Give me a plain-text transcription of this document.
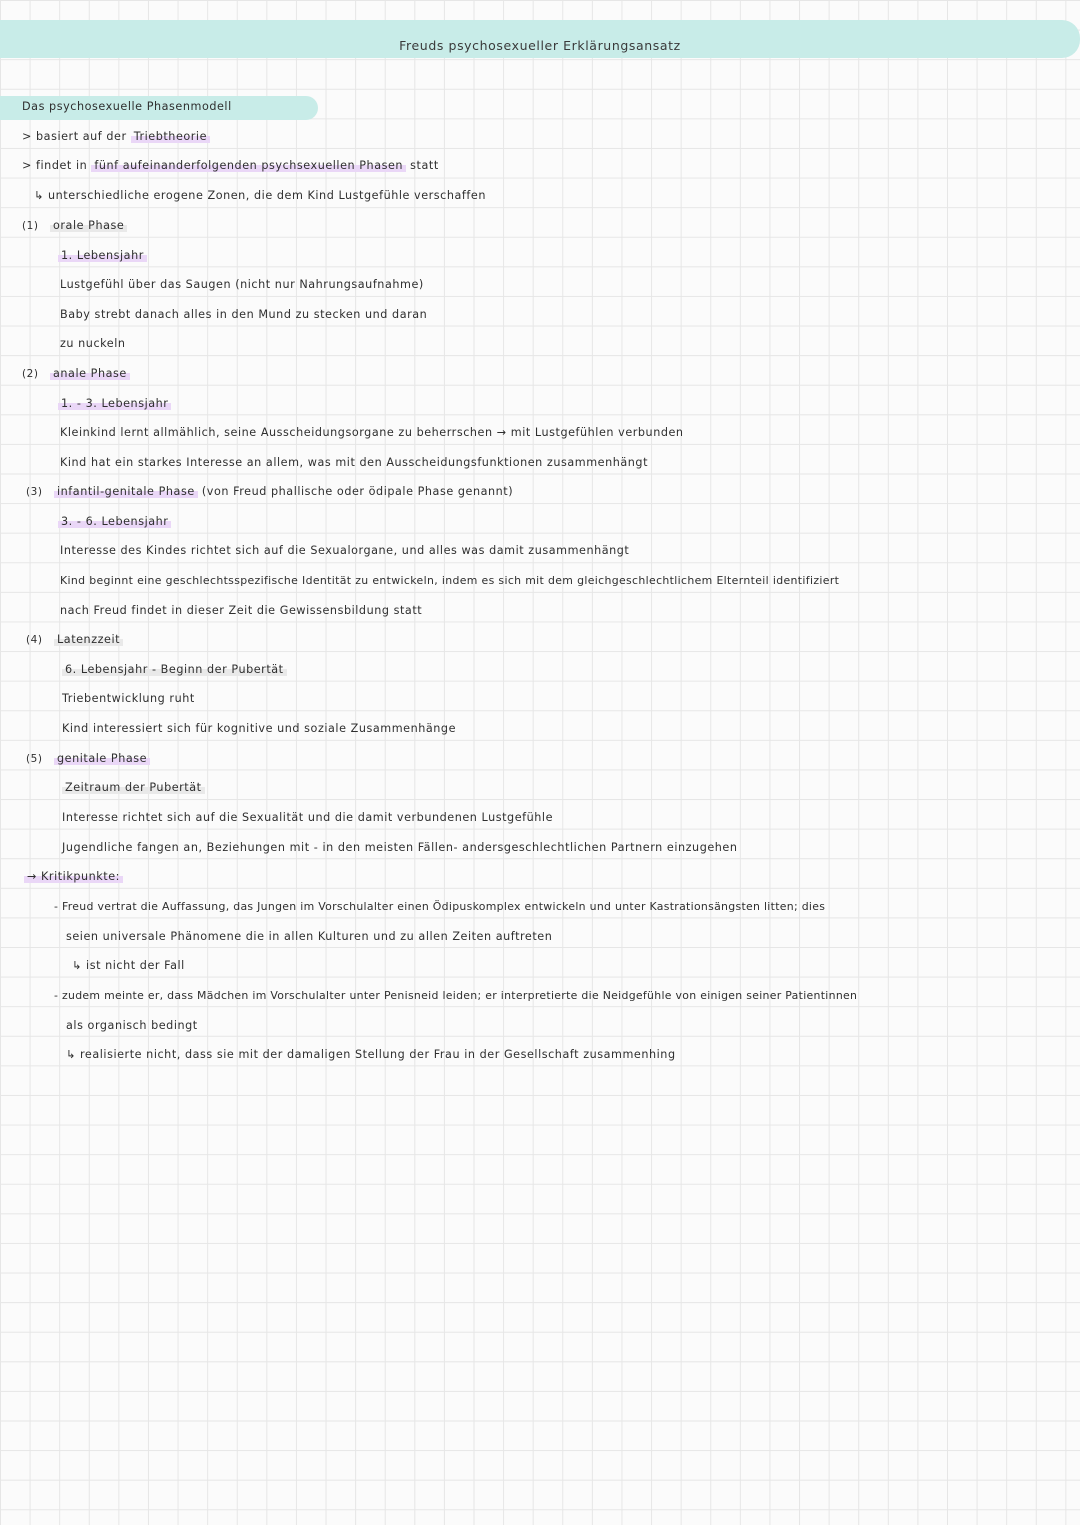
Freuds psychosexueller Erklärungsansatz
Das psychosexuelle Phasenmodell
> basiert auf der Triebtheorie
> findet in fünf aufeinanderfolgenden psychsexuellen Phasen statt
↳ unterschiedliche erogene Zonen, die dem Kind Lustgefühle verschaffen
(1) orale Phase
1. Lebensjahr
Lustgefühl über das Saugen (nicht nur Nahrungsaufnahme)
Baby strebt danach alles in den Mund zu stecken und daran
zu nuckeln
(2) anale Phase
1. - 3. Lebensjahr
Kleinkind lernt allmählich, seine Ausscheidungsorgane zu beherrschen → mit Lustgefühlen verbunden
Kind hat ein starkes Interesse an allem, was mit den Ausscheidungsfunktionen zusammenhängt
(3) infantil-genitale Phase (von Freud phallische oder ödipale Phase genannt)
3. - 6. Lebensjahr
Interesse des Kindes richtet sich auf die Sexualorgane, und alles was damit zusammenhängt
Kind beginnt eine geschlechtsspezifische Identität zu entwickeln, indem es sich mit dem gleichgeschlechtlichem Elternteil identifiziert
nach Freud findet in dieser Zeit die Gewissensbildung statt
(4) Latenzzeit
6. Lebensjahr - Beginn der Pubertät
Triebentwicklung ruht
Kind interessiert sich für kognitive und soziale Zusammenhänge
(5) genitale Phase
Zeitraum der Pubertät
Interesse richtet sich auf die Sexualität und die damit verbundenen Lustgefühle
Jugendliche fangen an, Beziehungen mit - in den meisten Fällen- andersgeschlechtlichen Partnern einzugehen
→ Kritikpunkte:
- Freud vertrat die Auffassung, das Jungen im Vorschulalter einen Ödipuskomplex entwickeln und unter Kastrationsängsten litten; dies
seien universale Phänomene die in allen Kulturen und zu allen Zeiten auftreten
↳ ist nicht der Fall
- zudem meinte er, dass Mädchen im Vorschulalter unter Penisneid leiden; er interpretierte die Neidgefühle von einigen seiner Patientinnen
als organisch bedingt
↳ realisierte nicht, dass sie mit der damaligen Stellung der Frau in der Gesellschaft zusammenhing
